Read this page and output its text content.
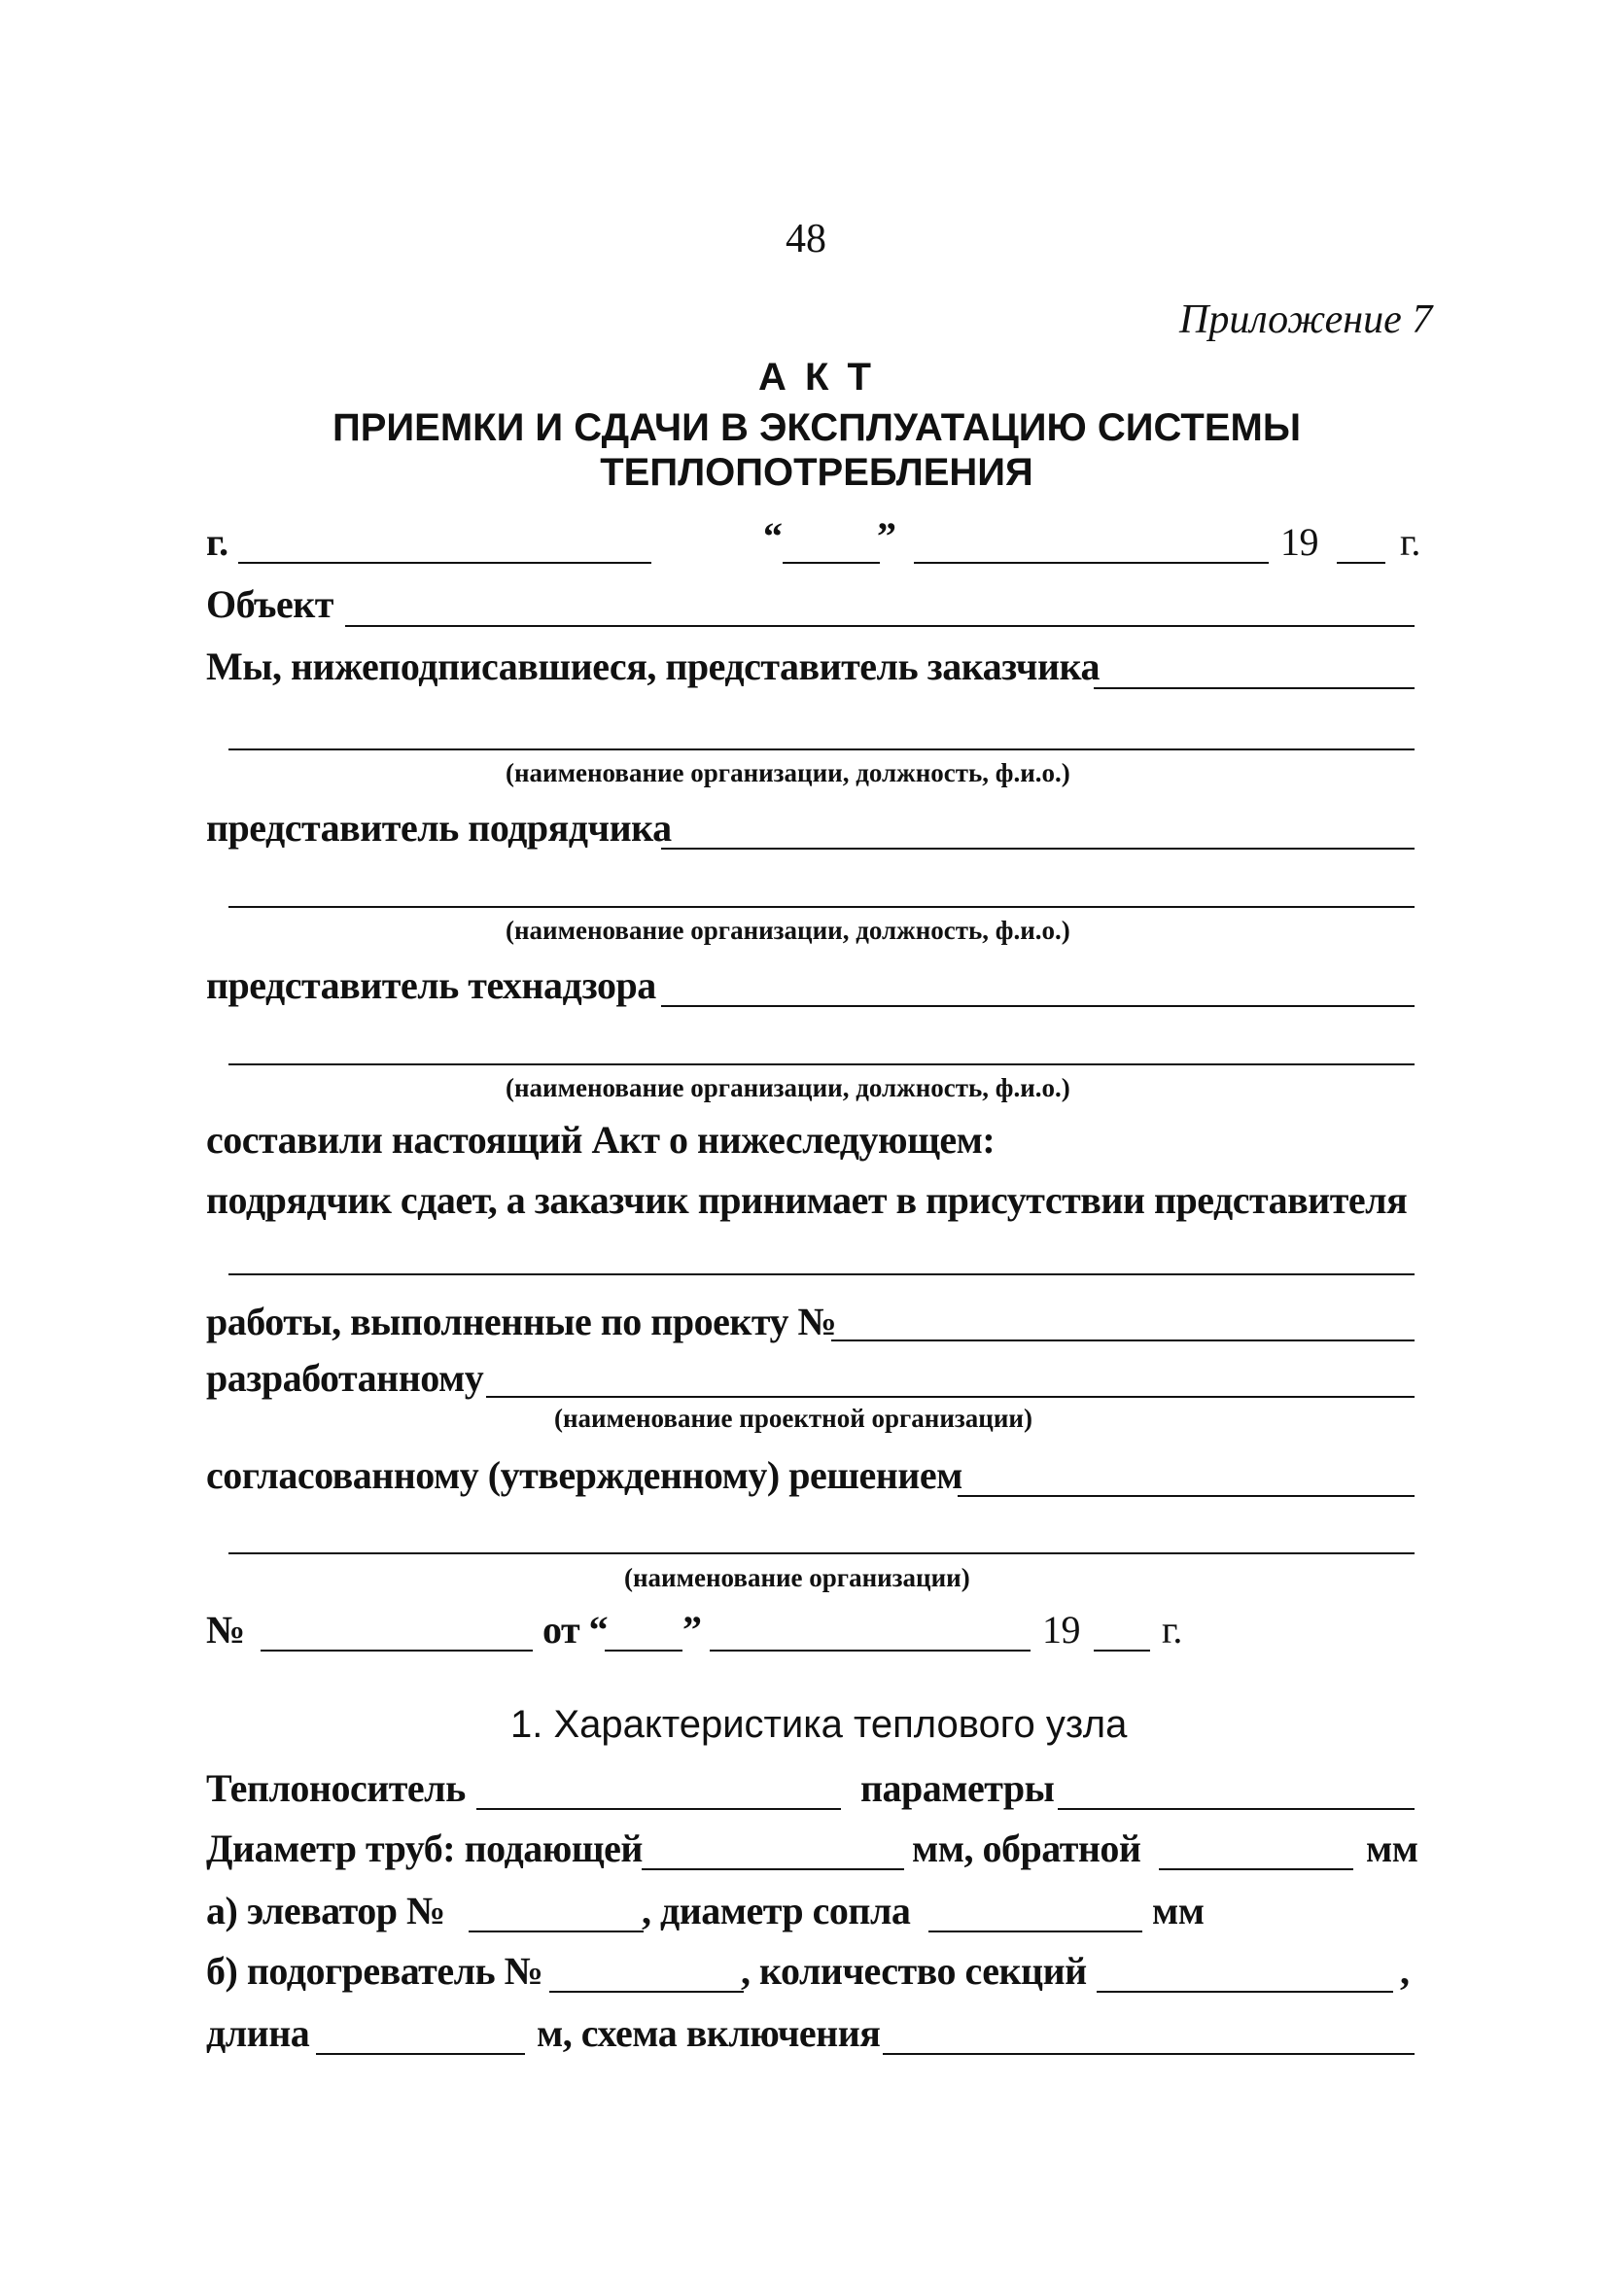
48
Приложение 7
А К Т
ПРИЕМКИ И СДАЧИ В ЭКСПЛУАТАЦИЮ СИСТЕМЫ
ТЕПЛОПОТРЕБЛЕНИЯ
г.	“ ”	19 г.
Объект
Мы, нижеподписавшиеся, представитель заказчика
(наименование организации, должность, ф.и.о.)
представитель подрядчика
(наименование организации, должность, ф.и.о.)
представитель технадзора
(наименование организации, должность, ф.и.о.)
составили настоящий Акт о нижеследующем:
подрядчик сдает, а заказчик принимает в присутствии представителя
работы, выполненные по проекту №
разработанному
(наименование проектной организации)
согласованному (утвержденному) решением
(наименование организации)
№	от “ ”	19 г.
1. Характеристика теплового узла
Теплоноситель	параметры
Диаметр труб: подающей	мм, обратной	мм
а) элеватор №	, диаметр сопла	мм
б) подогреватель №	, количество секций	,
длина	м, схема включения
